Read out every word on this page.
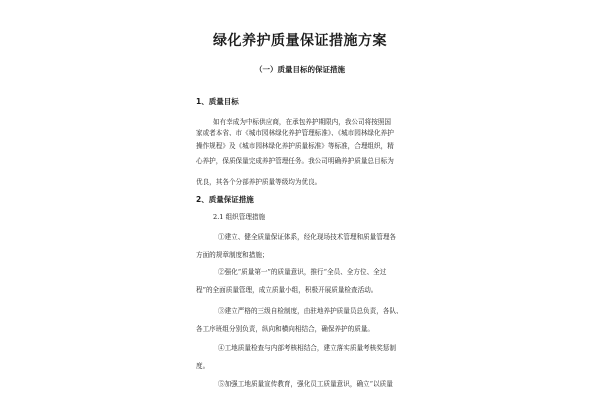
绿化养护质量保证措施方案
（一）质量目标的保证措施
1、质量目标

如有幸成为中标供应商，在承包养护期限内，我公司将按照国

家或者本省、市《城市园林绿化养护管理标准》、《城市园林绿化养护

操作规程》及《城市园林绿化养护质量标准》等标准，合理组织，精

心养护，保质保量完成养护管理任务。我公司明确养护质量总目标为

优良，其各个分部养护质量等级均为优良。

2、质量保证措施

2.1 组织管理措施

①建立、健全质量保证体系，经化现场技术管理和质量管理各

方面的规章制度和措施；

②强化“质量第一”的质量意识，推行“全员、全方位、全过

程”的全面质量管理，成立质量小组，积极开展质量检查活动。

③建立严格的三级自检制度，由驻地养护质量员总负责，各队、

各工序班组分别负责，纵向和横向相结合，确保养护的质量。

④工地质量检查与内部考核相结合，建立落实质量考核奖惩制

度。

⑤加强工地质量宣传教育，强化员工质量意识，确立“以质量
